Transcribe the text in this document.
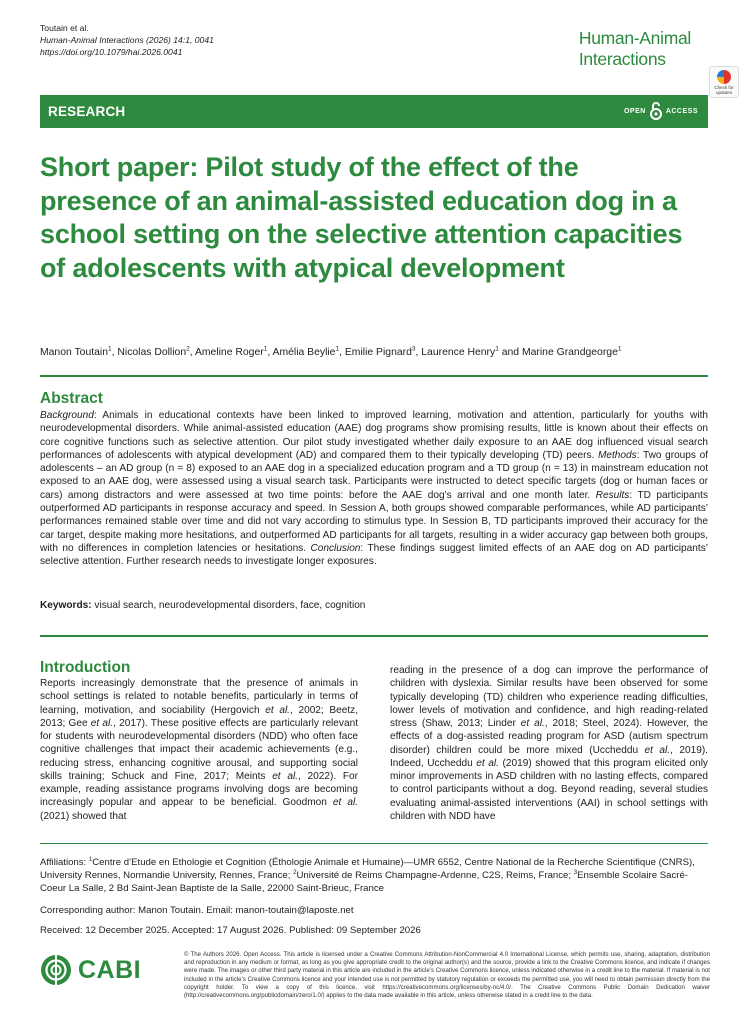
Toutain et al.
Human-Animal Interactions (2026) 14:1, 0041
https://doi.org/10.1079/hai.2026.0041
Human-Animal
Interactions
Check for updates
RESEARCH	OPEN	ACCESS
Short paper: Pilot study of the effect of the presence of an animal-assisted education dog in a school setting on the selective attention capacities of adolescents with atypical development
Manon Toutain$^1$, Nicolas Dollion$^2$, Ameline Roger$^1$, Amélia Beylie$^1$, Emilie Pignard$^3$, Laurence Henry$^1$ and Marine Grandgeorge$^1$
Abstract
Background: Animals in educational contexts have been linked to improved learning, motivation and attention, particularly for youths with neurodevelopmental disorders. While animal-assisted education (AAE) dog programs show promising results, little is known about their effects on core cognitive functions such as selective attention. Our pilot study investigated whether daily exposure to an AAE dog influenced visual search performances of adolescents with atypical development (AD) and compared them to their typically developing (TD) peers. Methods: Two groups of adolescents – an AD group (n = 8) exposed to an AAE dog in a specialized education program and a TD group (n = 13) in mainstream education not exposed to an AAE dog, were assessed using a visual search task. Participants were instructed to detect specific targets (dog or human faces or cars) among distractors and were assessed at two time points: before the AAE dog’s arrival and one month later. Results: TD participants outperformed AD participants in response accuracy and speed. In Session A, both groups showed comparable performances, while AD participants’ performances remained stable over time and did not vary according to stimulus type. In Session B, TD participants improved their accuracy for the car target, despite making more hesitations, and outperformed AD participants for all targets, resulting in a wider accuracy gap between both groups, with no differences in completion latencies or hesitations. Conclusion: These findings suggest limited effects of an AAE dog on AD participants’ selective attention. Further research needs to investigate longer exposures.
Keywords: visual search, neurodevelopmental disorders, face, cognition
Introduction
Reports increasingly demonstrate that the presence of animals in school settings is related to notable benefits, particularly in terms of learning, motivation, and sociability (Hergovich et al., 2002; Beetz, 2013; Gee et al., 2017). These positive effects are particularly relevant for students with neurodevelopmental disorders (NDD) who often face cognitive challenges that impact their academic achievements (e.g., reducing stress, enhancing cognitive arousal, and supporting social skills training; Schuck and Fine, 2017; Meints et al., 2022). For example, reading assistance programs involving dogs are becoming increasingly popular and appear to be beneficial. Goodmon et al. (2021) showed that
reading in the presence of a dog can improve the performance of children with dyslexia. Similar results have been observed for some typically developing (TD) children who experience reading difficulties, lower levels of motivation and confidence, and high reading-related stress (Shaw, 2013; Linder et al., 2018; Steel, 2024). However, the effects of a dog-assisted reading program for ASD (autism spectrum disorder) children could be more mixed (Uccheddu et al., 2019). Indeed, Uccheddu et al. (2019) showed that this program elicited only minor improvements in ASD children with no lasting effects, compared to control participants without a dog. Beyond reading, several studies evaluating animal-assisted interventions (AAI) in school settings with children with NDD have
Affiliations: $^1$Centre d’Etude en Ethologie et Cognition (Éthologie Animale et Humaine)—UMR 6552, Centre National de la Recherche Scientifique (CNRS), University Rennes, Normandie University, Rennes, France; $^2$Université de Reims Champagne-Ardenne, C2S, Reims, France; $^3$Ensemble Scolaire Sacré-Coeur La Salle, 2 Bd Saint-Jean Baptiste de la Salle, 22000 Saint-Brieuc, France
Corresponding author: Manon Toutain. Email: manon-toutain@laposte.net
Received: 12 December 2025. Accepted: 17 August 2026. Published: 09 September 2026
CABI
© The Authors 2026. Open Access. This article is licensed under a Creative Commons Attribution-NonCommercial 4.0 International License, which permits use, sharing, adaptation, distribution and reproduction in any medium or format, as long as you give appropriate credit to the original author(s) and the source, provide a link to the Creative Commons licence, and indicate if changes were made. The images or other third party material in this article are included in the article’s Creative Commons licence, unless indicated otherwise in a credit line to the material. If material is not included in the article’s Creative Commons licence and your intended use is not permitted by statutory regulation or exceeds the permitted use, you will need to obtain permission directly from the copyright holder. To view a copy of this licence, visit https://creativecommons.org/licenses/by-nc/4.0/. The Creative Commons Public Domain Dedication waiver (http://creativecommons.org/publicdomain/zero/1.0/) applies to the data made available in this article, unless otherwise stated in a credit line to the data.
